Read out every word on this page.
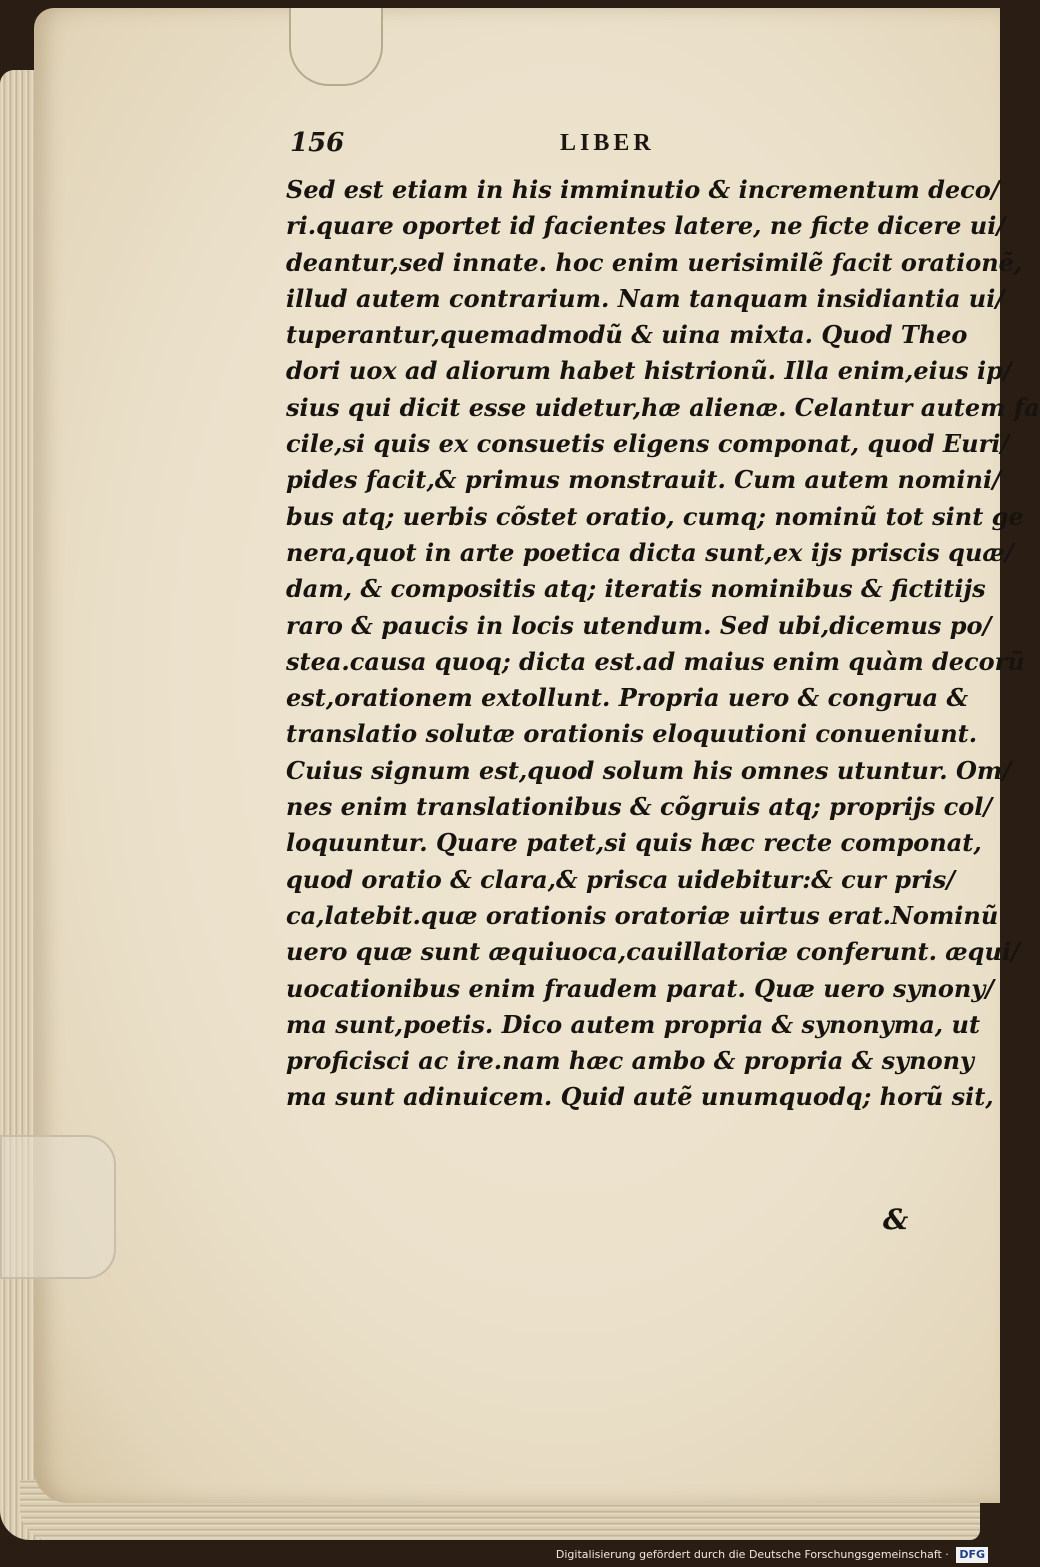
156	LIBER
Sed est etiam in his imminutio & incrementum deco/
ri.quare oportet id facientes latere, ne ficte dicere ui/
deantur,sed innate. hoc enim uerisimilẽ facit orationẽ,
illud autem contrarium. Nam tanquam insidiantia ui/
tuperantur,quemadmodũ & uina mixta. Quod Theo
dori uox ad aliorum habet histrionũ. Illa enim,eius ip/
sius qui dicit esse uidetur,hæ alienæ. Celantur autem fa
cile,si quis ex consuetis eligens componat, quod Euri/
pides facit,& primus monstrauit. Cum autem nomini/
bus atq; uerbis cõstet oratio, cumq; nominũ tot sint ge
nera,quot in arte poetica dicta sunt,ex ijs priscis quæ/
dam, & compositis atq; iteratis nominibus & fictitijs
raro & paucis in locis utendum. Sed ubi,dicemus po/
stea.causa quoq; dicta est.ad maius enim quàm decorũ
est,orationem extollunt. Propria uero & congrua &
translatio solutæ orationis eloquutioni conueniunt.
Cuius signum est,quod solum his omnes utuntur. Om/
nes enim translationibus & cõgruis atq; proprijs col/
loquuntur. Quare patet,si quis hæc recte componat,
quod oratio & clara,& prisca uidebitur:& cur pris/
ca,latebit.quæ orationis oratoriæ uirtus erat.Nominũ
uero quæ sunt æquiuoca,cauillatoriæ conferunt. æqui/
uocationibus enim fraudem parat. Quæ uero synony/
ma sunt,poetis. Dico autem propria & synonyma, ut
proficisci ac ire.nam hæc ambo & propria & synony
ma sunt adinuicem. Quid autẽ unumquodq; horũ sit,
&
Digitalisierung gefördert durch die Deutsche Forschungsgemeinschaft · DFG
